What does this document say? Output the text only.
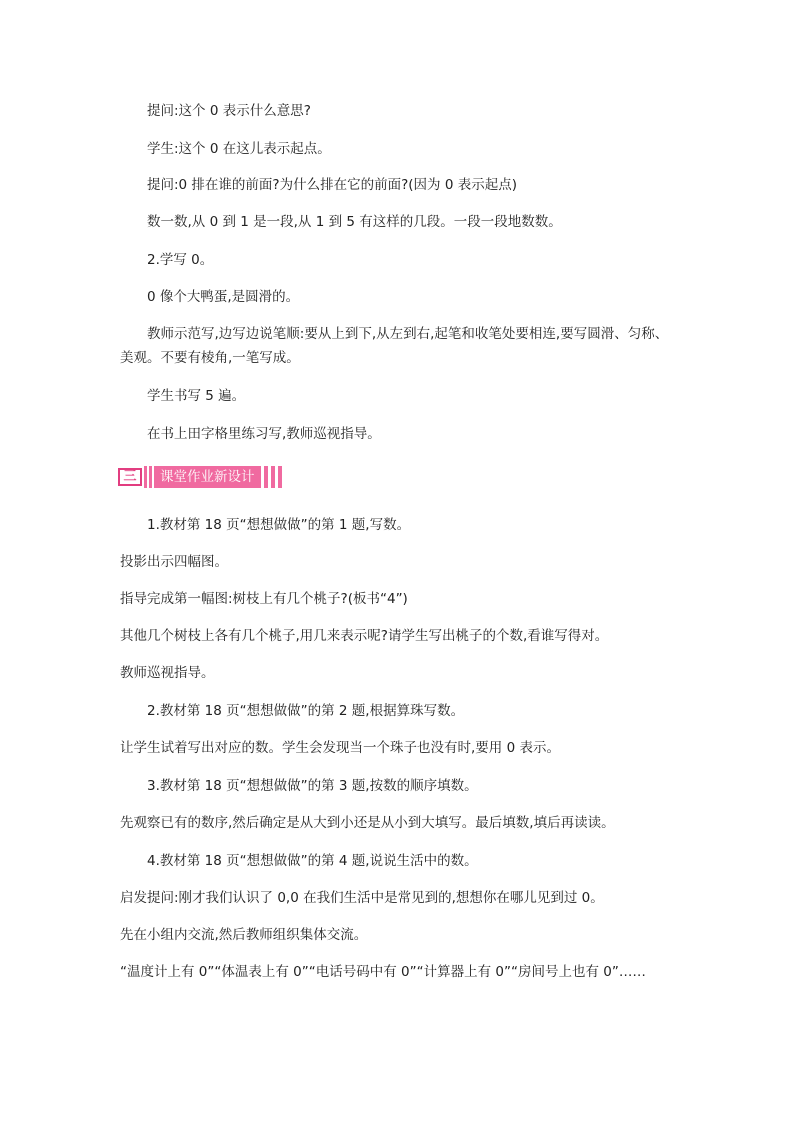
提问:这个 0 表示什么意思?
学生:这个 0 在这儿表示起点。
提问:0 排在谁的前面?为什么排在它的前面?(因为 0 表示起点)
数一数,从 0 到 1 是一段,从 1 到 5 有这样的几段。一段一段地数数。
2.学写 0。
0 像个大鸭蛋,是圆滑的。
教师示范写,边写边说笔顺:要从上到下,从左到右,起笔和收笔处要相连,要写圆滑、匀称、美观。不要有棱角,一笔写成。
学生书写 5 遍。
在书上田字格里练习写,教师巡视指导。
三	课堂作业新设计
1.教材第 18 页“想想做做”的第 1 题,写数。
投影出示四幅图。
指导完成第一幅图:树枝上有几个桃子?(板书“4”)
其他几个树枝上各有几个桃子,用几来表示呢?请学生写出桃子的个数,看谁写得对。
教师巡视指导。
2.教材第 18 页“想想做做”的第 2 题,根据算珠写数。
让学生试着写出对应的数。学生会发现当一个珠子也没有时,要用 0 表示。
3.教材第 18 页“想想做做”的第 3 题,按数的顺序填数。
先观察已有的数序,然后确定是从大到小还是从小到大填写。最后填数,填后再读读。
4.教材第 18 页“想想做做”的第 4 题,说说生活中的数。
启发提问:刚才我们认识了 0,0 在我们生活中是常见到的,想想你在哪儿见到过 0。
先在小组内交流,然后教师组织集体交流。
“温度计上有 0”“体温表上有 0”“电话号码中有 0”“计算器上有 0”“房间号上也有 0”……
